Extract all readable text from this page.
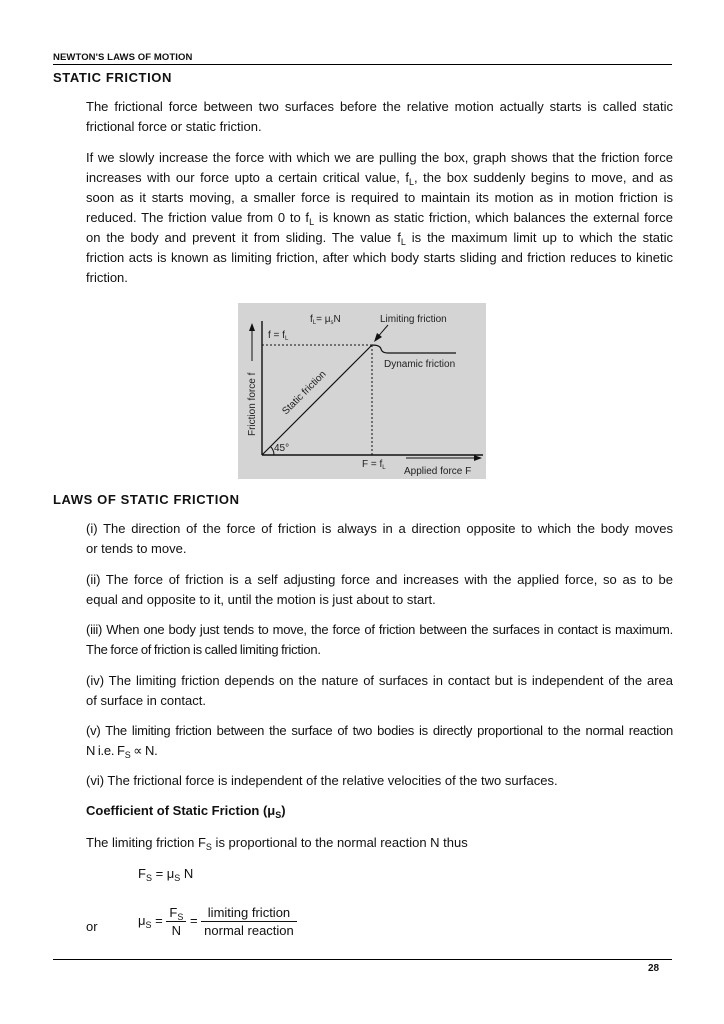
NEWTON'S LAWS OF MOTION
STATIC FRICTION
The frictional force between two surfaces before the relative motion actually starts is called static
frictional force or static friction.
If we slowly increase the force with which we are pulling the box, graph shows that the friction force
increases with our force upto a certain critical value, $f_L$, the box suddenly begins to move, and as
soon as it starts moving, a smaller force is required to maintain its motion as in motion friction is
reduced. The friction value from 0 to $f_L$ is known as static friction, which balances the external force
on the body and prevent it from sliding. The value $f_L$ is the maximum limit up to which the static
friction acts is known as limiting friction, after which body starts sliding and friction reduces to kinetic
friction.
$f_L= \mu_sN$	Limiting friction
$f = f_L$
Dynamic friction
Static friction
Friction force f
45°
$F = f_L$ Applied force F
LAWS OF STATIC FRICTION
(i) The direction of the force of friction is always in a direction opposite to which the body moves
or tends to move.
(ii) The force of friction is a self adjusting force and increases with the applied force, so as to be
equal and opposite to it, until the motion is just about to start.
(iii) When one body just tends to move, the force of friction between the surfaces in contact is maximum.
The force of friction is called limiting friction.
(iv) The limiting friction depends on the nature of surfaces in contact but is independent of the area
of surface in contact.
(v) The limiting friction between the surface of two bodies is directly proportional to the normal reaction
N i.e. $F_S \propto N$.
(vi) The frictional force is independent of the relative velocities of the two surfaces.
Coefficient of Static Friction $(\mu_S)$
The limiting friction $F_S$ is proportional to the normal reaction N thus
$F_S = \mu_S$ N
or	$\mu_S = \frac{F_S}{N} = \frac{\text{limiting friction}}{\text{normal reaction}}$
28
